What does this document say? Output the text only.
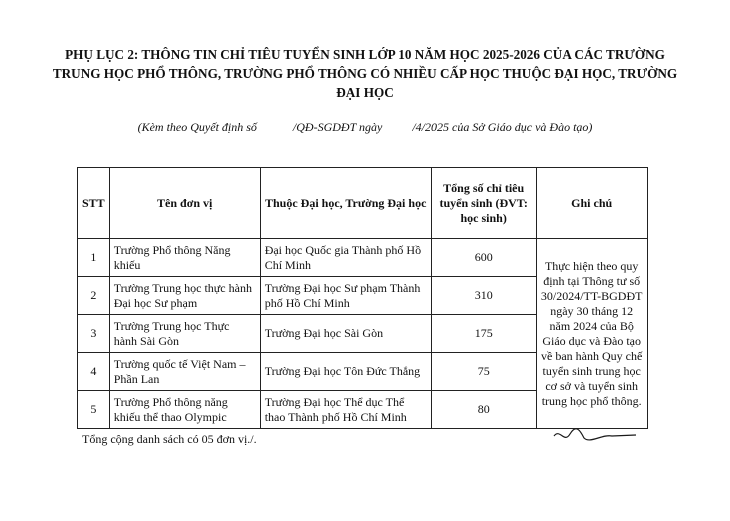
PHỤ LỤC 2: THÔNG TIN CHỈ TIÊU TUYỂN SINH LỚP 10 NĂM HỌC 2025-2026 CỦA CÁC TRƯỜNG TRUNG HỌC PHỔ THÔNG, TRƯỜNG PHỔ THÔNG CÓ NHIỀU CẤP HỌC THUỘC ĐẠI HỌC, TRƯỜNG ĐẠI HỌC
(Kèm theo Quyết định số            /QĐ-SGDĐT ngày          /4/2025 của Sở Giáo dục và Đào tạo)
STT	Tên đơn vị	Thuộc Đại học, Trường Đại học	Tổng số chỉ tiêu tuyển sinh (ĐVT: học sinh)	Ghi chú
1	Trường Phổ thông Năng khiếu	Đại học Quốc gia Thành phố Hồ Chí Minh	600	Thực hiện theo quy định tại Thông tư số 30/2024/TT-BGDĐT ngày 30 tháng 12 năm 2024 của Bộ Giáo dục và Đào tạo về ban hành Quy chế tuyển sinh trung học cơ sở và tuyển sinh trung học phổ thông.
2	Trường Trung học thực hành Đại học Sư phạm	Trường Đại học Sư phạm Thành phố Hồ Chí Minh	310	
3	Trường Trung học Thực hành Sài Gòn	Trường Đại học Sài Gòn	175	
4	Trường quốc tế Việt Nam – Phần Lan	Trường Đại học Tôn Đức Thắng	75	
5	Trường Phổ thông năng khiếu thể thao Olympic	Trường Đại học Thể dục Thể thao Thành phố Hồ Chí Minh	80	
Tổng cộng danh sách có 05 đơn vị./.
